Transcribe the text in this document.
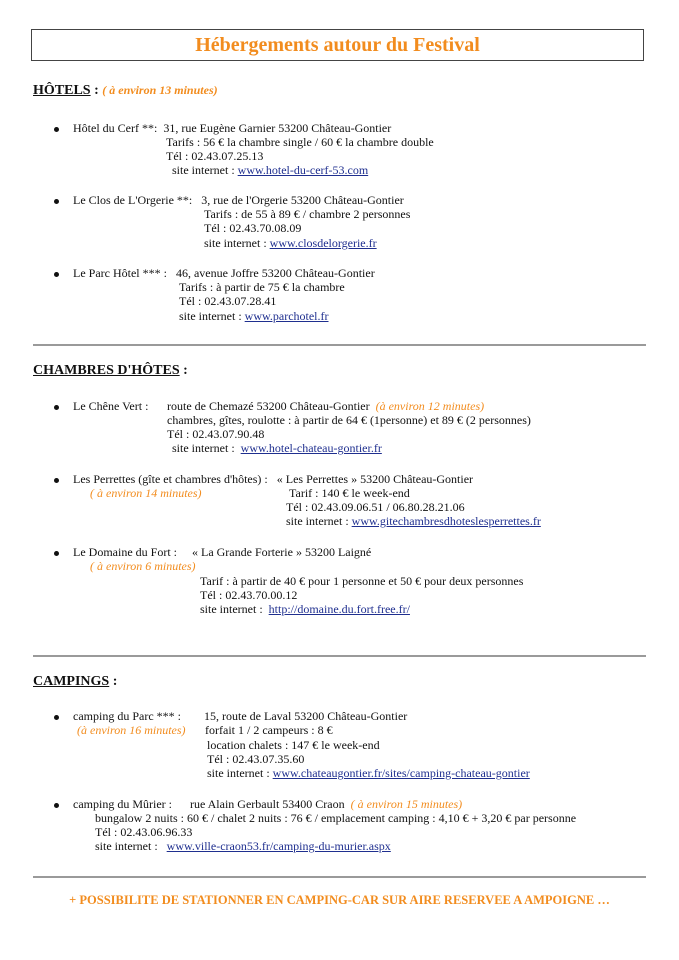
Hébergements autour du Festival
HÔTELS : ( à environ 13 minutes)
Hôtel du Cerf **: 31, rue Eugène Garnier 53200 Château-Gontier
Tarifs : 56 € la chambre single / 60 € la chambre double
Tél : 02.43.07.25.13
site internet : www.hotel-du-cerf-53.com
Le Clos de L'Orgerie **: 3, rue de l'Orgerie 53200 Château-Gontier
Tarifs : de 55 à 89 € / chambre 2 personnes
Tél : 02.43.70.08.09
site internet : www.closdelorgerie.fr
Le Parc Hôtel *** : 46, avenue Joffre 53200 Château-Gontier
Tarifs : à partir de 75 € la chambre
Tél : 02.43.07.28.41
site internet : www.parchotel.fr
CHAMBRES D'HÔTES :
Le Chêne Vert : route de Chemazé 53200 Château-Gontier (à environ 12 minutes)
chambres, gîtes, roulotte : à partir de 64 € (1personne) et 89 € (2 personnes)
Tél : 02.43.07.90.48
site internet : www.hotel-chateau-gontier.fr
Les Perrettes (gîte et chambres d'hôtes) : « Les Perrettes » 53200 Château-Gontier
( à environ 14 minutes)	Tarif : 140 € le week-end
Tél : 02.43.09.06.51 / 06.80.28.21.06
site internet : www.gitechambresdhoteslesperrettes.fr
Le Domaine du Fort : « La Grande Forterie » 53200 Laigné
( à environ 6 minutes)
Tarif : à partir de 40 € pour 1 personne et 50 € pour deux personnes
Tél : 02.43.70.00.12
site internet : http://domaine.du.fort.free.fr/
CAMPINGS :
camping du Parc *** : 15, route de Laval 53200 Château-Gontier
(à environ 16 minutes) forfait 1 / 2 campeurs : 8 €
location chalets : 147 € le week-end
Tél : 02.43.07.35.60
site internet : www.chateaugontier.fr/sites/camping-chateau-gontier
camping du Mûrier : rue Alain Gerbault 53400 Craon ( à environ 15 minutes)
bungalow 2 nuits : 60 € / chalet 2 nuits : 76 € / emplacement camping : 4,10 € + 3,20 € par personne
Tél : 02.43.06.96.33
site internet : www.ville-craon53.fr/camping-du-murier.aspx
+ POSSIBILITE DE STATIONNER EN CAMPING-CAR SUR AIRE RESERVEE A AMPOIGNE …
